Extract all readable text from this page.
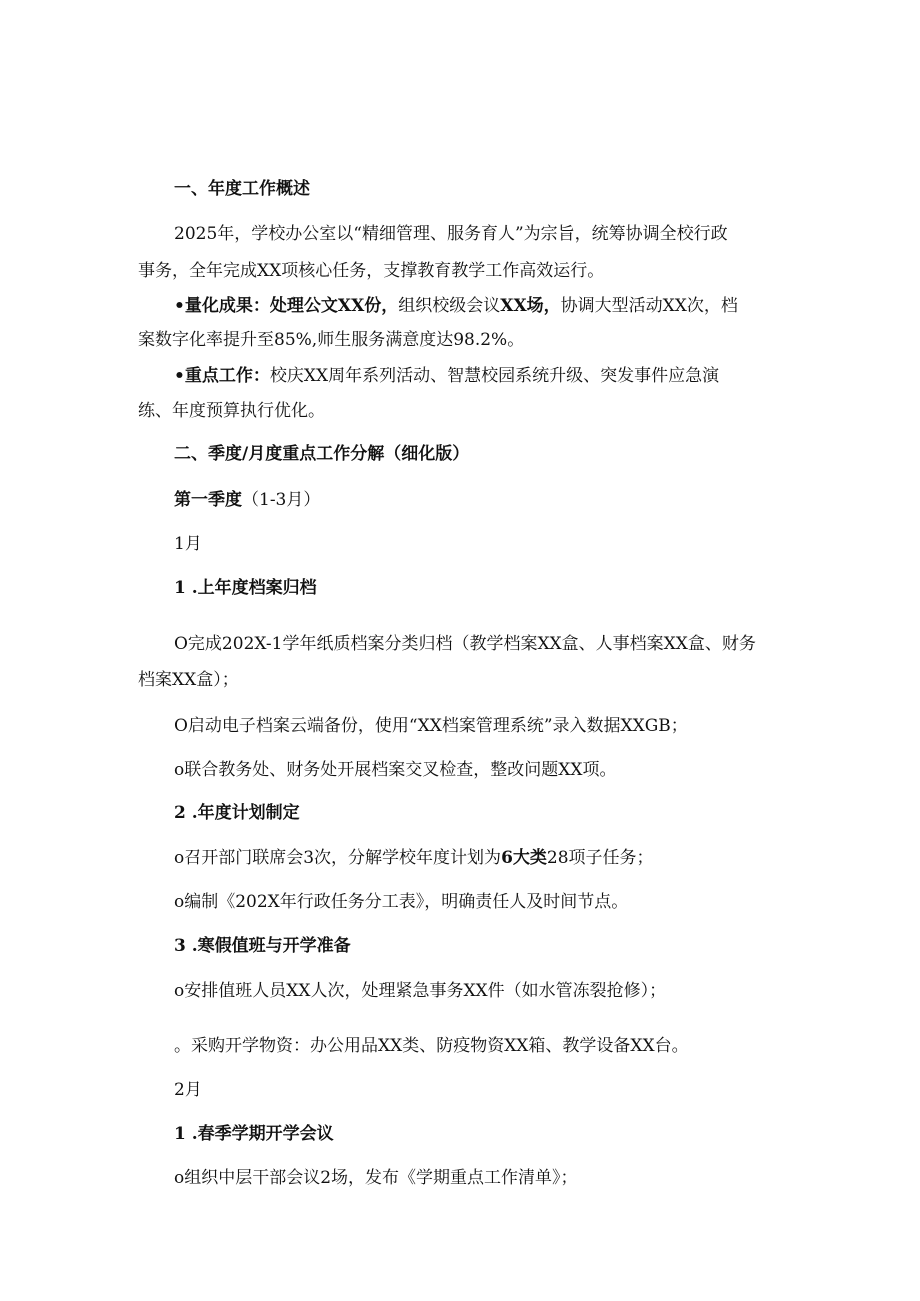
一、年度工作概述
2025年，学校办公室以“精细管理、服务育人”为宗旨，统筹协调全校行政
事务，全年完成XX项核心任务，支撑教育教学工作高效运行。
•量化成果：处理公文XX份，组织校级会议XX场，协调大型活动XX次，档
案数字化率提升至85%,师生服务满意度达98.2%。
•重点工作：校庆XX周年系列活动、智慧校园系统升级、突发事件应急演
练、年度预算执行优化。
二、季度/月度重点工作分解（细化版）
第一季度（1-3月）
1月
1 .上年度档案归档
O完成202X-1学年纸质档案分类归档（教学档案XX盒、人事档案XX盒、财务
档案XX盒）；
O启动电子档案云端备份，使用“XX档案管理系统”录入数据XXGB；
o联合教务处、财务处开展档案交叉检查，整改问题XX项。
2 .年度计划制定
o召开部门联席会3次，分解学校年度计划为6大类28项子任务；
o编制《202X年行政任务分工表》，明确责任人及时间节点。
3 .寒假值班与开学准备
o安排值班人员XX人次，处理紧急事务XX件（如水管冻裂抢修）；
。采购开学物资：办公用品XX类、防疫物资XX箱、教学设备XX台。
2月
1 .春季学期开学会议
o组织中层干部会议2场，发布《学期重点工作清单》；
